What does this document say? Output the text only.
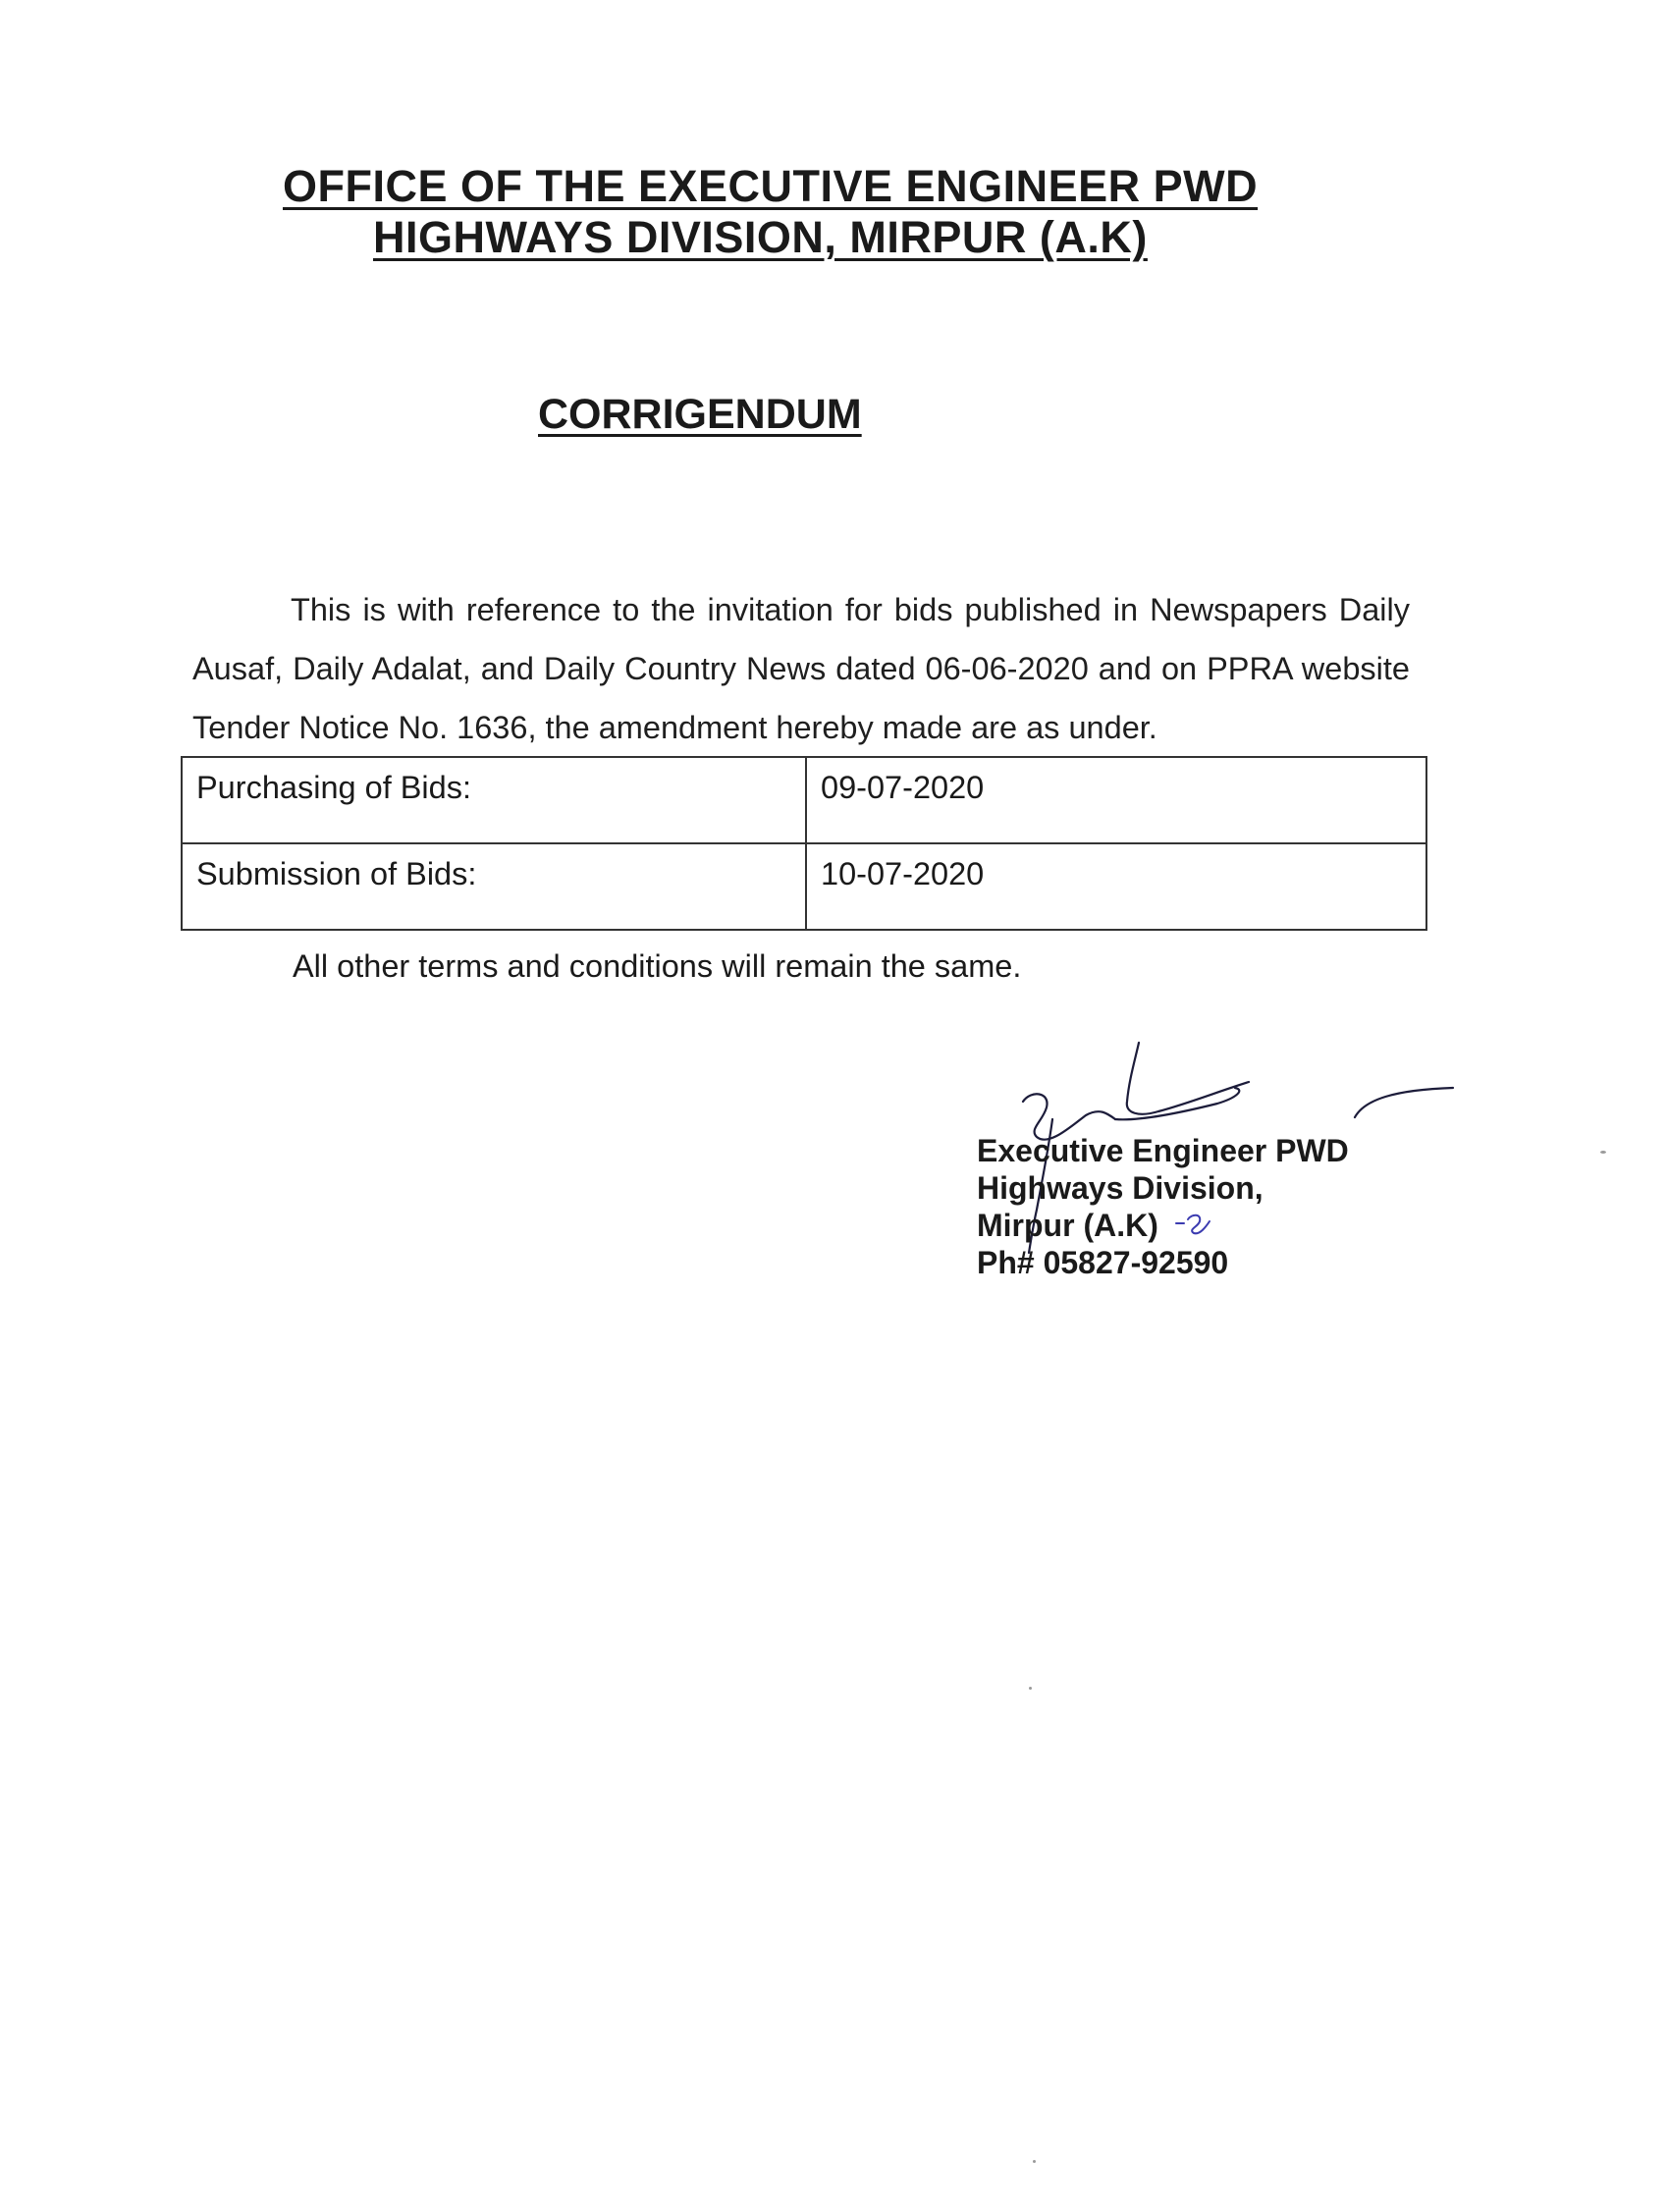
OFFICE OF THE EXECUTIVE ENGINEER PWD
HIGHWAYS DIVISION, MIRPUR (A.K)
CORRIGENDUM

This is with reference to the invitation for bids published in Newspapers Daily Ausaf, Daily Adalat, and Daily Country News dated 06-06-2020 and on PPRA website Tender Notice No. 1636, the amendment hereby made are as under.

Purchasing of Bids:	09-07-2020
Submission of Bids:	10-07-2020
All other terms and conditions will remain the same.
Executive Engineer PWD
Highways Division,
Mirpur (A.K)
Ph# 05827-92590
